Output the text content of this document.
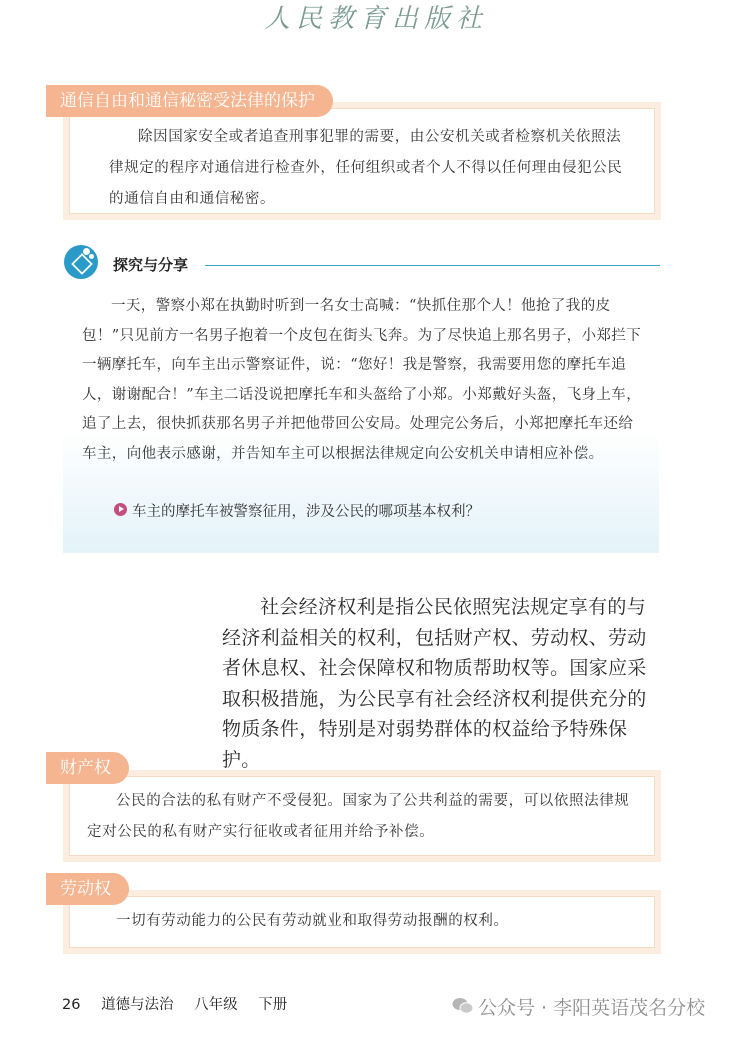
人民教育出版社
除因国家安全或者追查刑事犯罪的需要，由公安机关或者检察机关依照法律规定的程序对通信进行检查外，任何组织或者个人不得以任何理由侵犯公民的通信自由和通信秘密。
通信自由和通信秘密受法律的保护
探究与分享
一天，警察小郑在执勤时听到一名女士高喊：“快抓住那个人！他抢了我的皮包！”只见前方一名男子抱着一个皮包在街头飞奔。为了尽快追上那名男子，小郑拦下一辆摩托车，向车主出示警察证件，说：“您好！我是警察，我需要用您的摩托车追人，谢谢配合！”车主二话没说把摩托车和头盔给了小郑。小郑戴好头盔，飞身上车，追了上去，很快抓获那名男子并把他带回公安局。处理完公务后，小郑把摩托车还给车主，向他表示感谢，并告知车主可以根据法律规定向公安机关申请相应补偿。
车主的摩托车被警察征用，涉及公民的哪项基本权利？
社会经济权利是指公民依照宪法规定享有的与经济利益相关的权利，包括财产权、劳动权、劳动者休息权、社会保障权和物质帮助权等。国家应采取积极措施，为公民享有社会经济权利提供充分的物质条件，特别是对弱势群体的权益给予特殊保护。
公民的合法的私有财产不受侵犯。国家为了公共利益的需要，可以依照法律规定对公民的私有财产实行征收或者征用并给予补偿。
财产权
一切有劳动能力的公民有劳动就业和取得劳动报酬的权利。
劳动权
26 道德与法治 八年级 下册	公众号 · 李阳英语茂名分校
